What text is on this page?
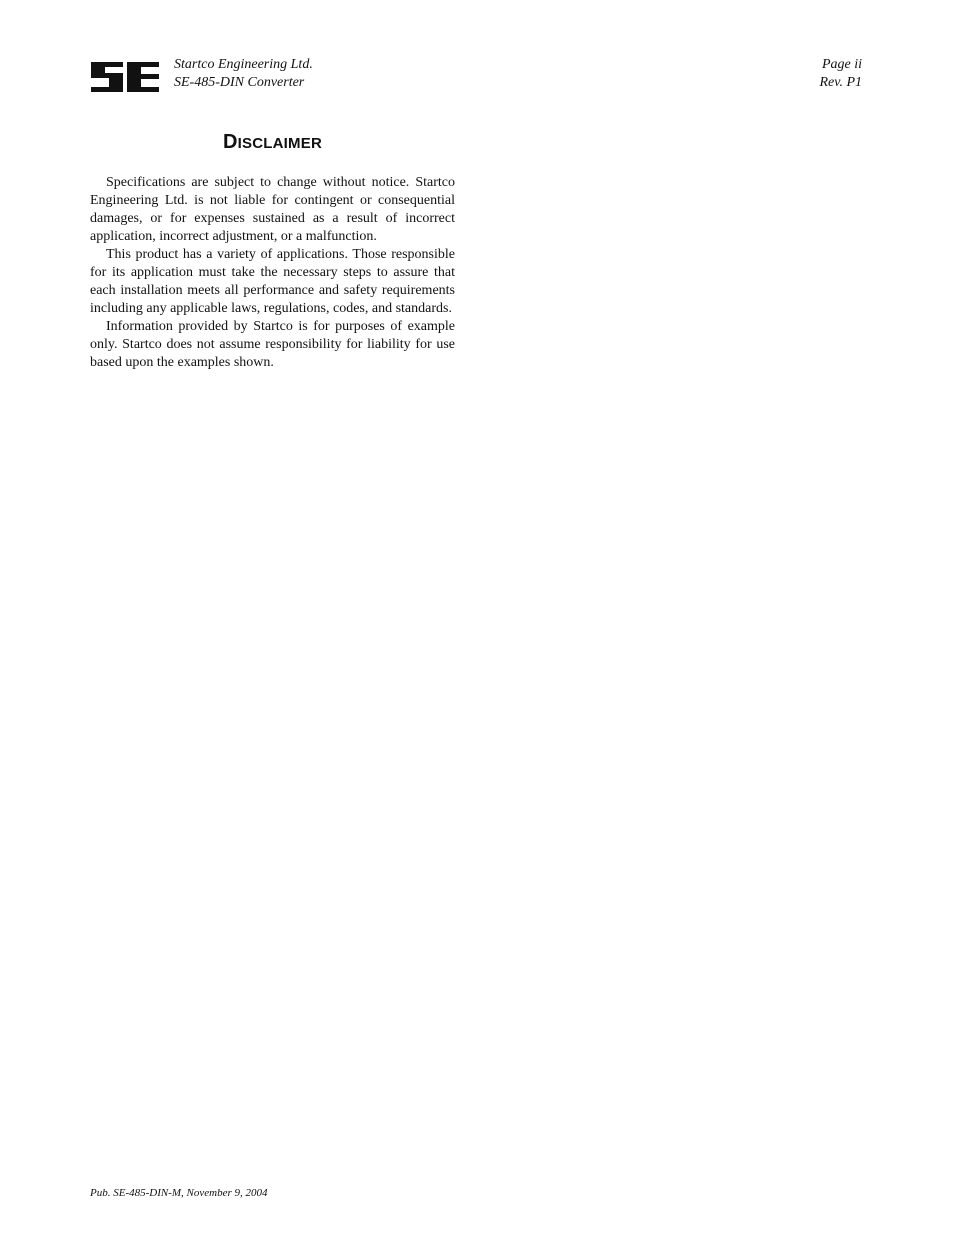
Startco Engineering Ltd.
SE-485-DIN Converter
Page ii
Rev. P1
DISCLAIMER

Specifications are subject to change without notice. Startco Engineering Ltd. is not liable for contingent or consequential damages, or for expenses sustained as a result of incorrect application, incorrect adjustment, or a malfunction.

This product has a variety of applications. Those responsible for its application must take the necessary steps to assure that each installation meets all performance and safety requirements including any applicable laws, regulations, codes, and standards.

Information provided by Startco is for purposes of example only. Startco does not assume responsibility for liability for use based upon the examples shown.

Pub. SE-485-DIN-M, November 9, 2004
